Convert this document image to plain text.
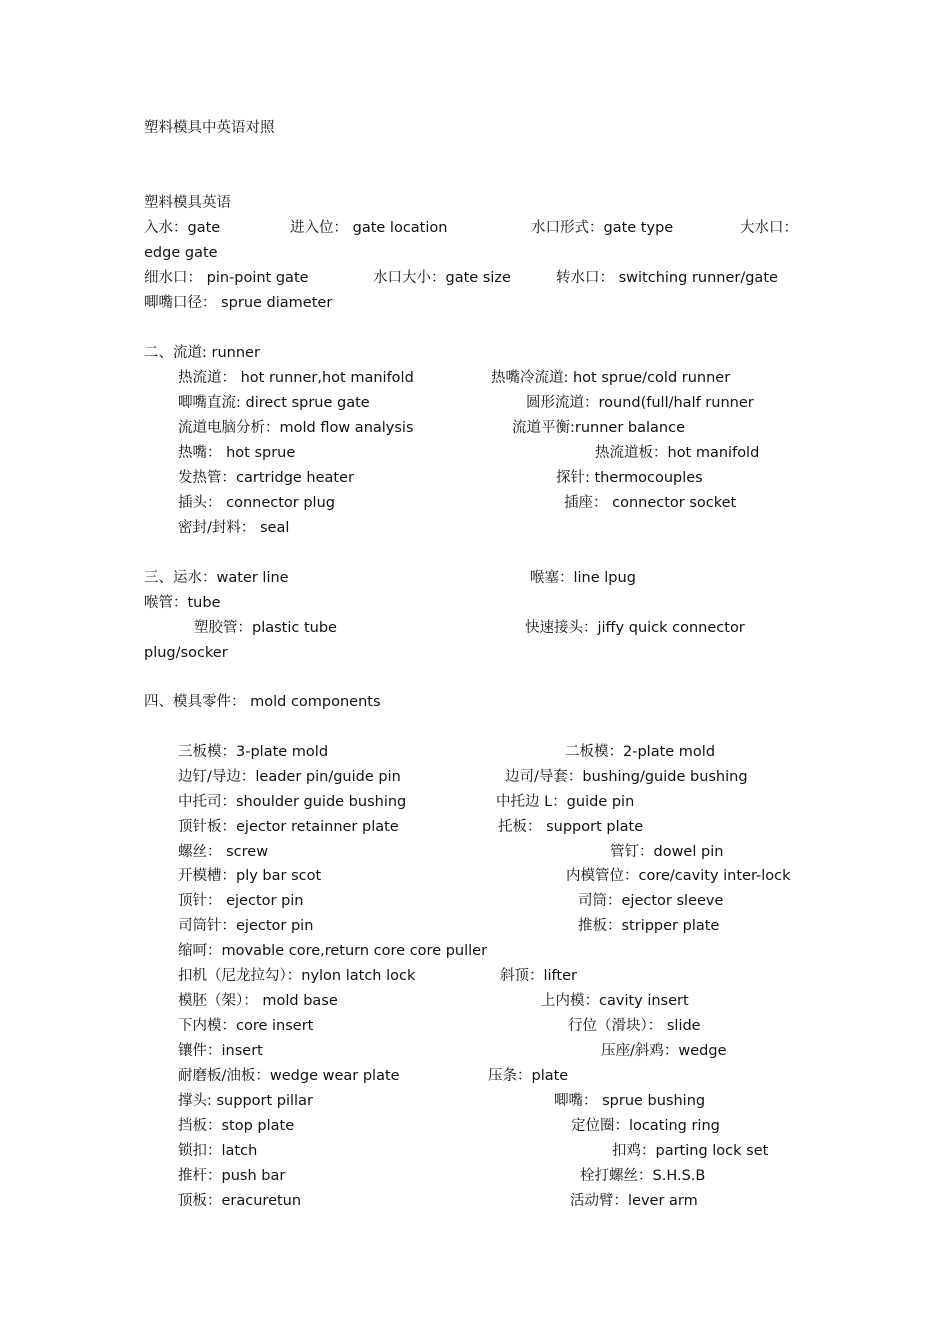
塑料模具中英语对照
塑料模具英语
入水：gate	进入位： gate location	水口形式：gate type	大水口：
edge gate
细水口： pin-point gate	水口大小：gate size	转水口： switching runner/gate
唧嘴口径： sprue diameter
二、流道: runner
热流道： hot runner,hot manifold	热嘴冷流道: hot sprue/cold runner
唧嘴直流: direct sprue gate	圆形流道：round(full/half runner
流道电脑分析：mold flow analysis	流道平衡:runner balance
热嘴： hot sprue	热流道板：hot manifold
发热管：cartridge heater	探针: thermocouples
插头： connector plug	插座： connector socket
密封/封料： seal
三、运水：water line	喉塞：line lpug
喉管：tube
塑胶管：plastic tube	快速接头：jiffy quick connector
plug/socker
四、模具零件： mold components
三板模：3-plate mold	二板模：2-plate mold
边钉/导边：leader pin/guide pin	边司/导套：bushing/guide bushing
中托司：shoulder guide bushing	中托边 L：guide pin
顶针板：ejector retainner plate	托板： support plate
螺丝： screw	管钉：dowel pin
开模槽：ply bar scot	内模管位：core/cavity inter-lock
顶针： ejector pin	司筒：ejector sleeve
司筒针：ejector pin	推板：stripper plate
缩呵：movable core,return core core puller
扣机（尼龙拉勾）：nylon latch lock	斜顶：lifter
模胚（架）： mold base	上内模：cavity insert
下内模：core insert	行位（滑块）： slide
镶件：insert	压座/斜鸡：wedge
耐磨板/油板：wedge wear plate	压条：plate
撑头: support pillar	唧嘴： sprue bushing
挡板：stop plate	定位圈：locating ring
锁扣：latch	扣鸡：parting lock set
推杆：push bar	栓打螺丝：S.H.S.B
顶板：eracuretun	活动臂：lever arm
